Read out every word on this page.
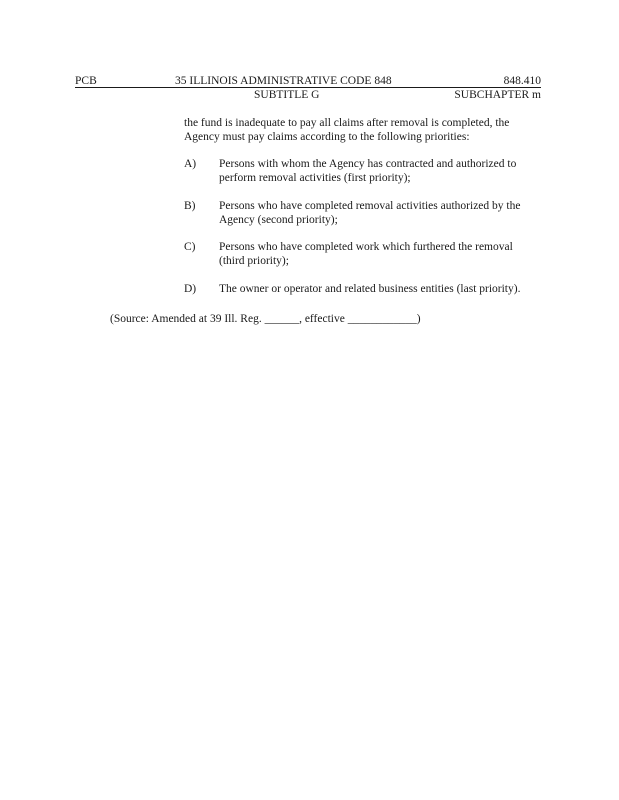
PCB	35 ILLINOIS ADMINISTRATIVE CODE 848	848.410
SUBTITLE G	SUBCHAPTER m

the fund is inadequate to pay all claims after removal is completed, the

Agency must pay claims according to the following priorities:

A) Persons with whom the Agency has contracted and authorized to
perform removal activities (first priority);
B) Persons who have completed removal activities authorized by the
Agency (second priority);
C) Persons who have completed work which furthered the removal
(third priority);
D) The owner or operator and related business entities (last priority).
(Source: Amended at 39 Ill. Reg. ______, effective ____________)
